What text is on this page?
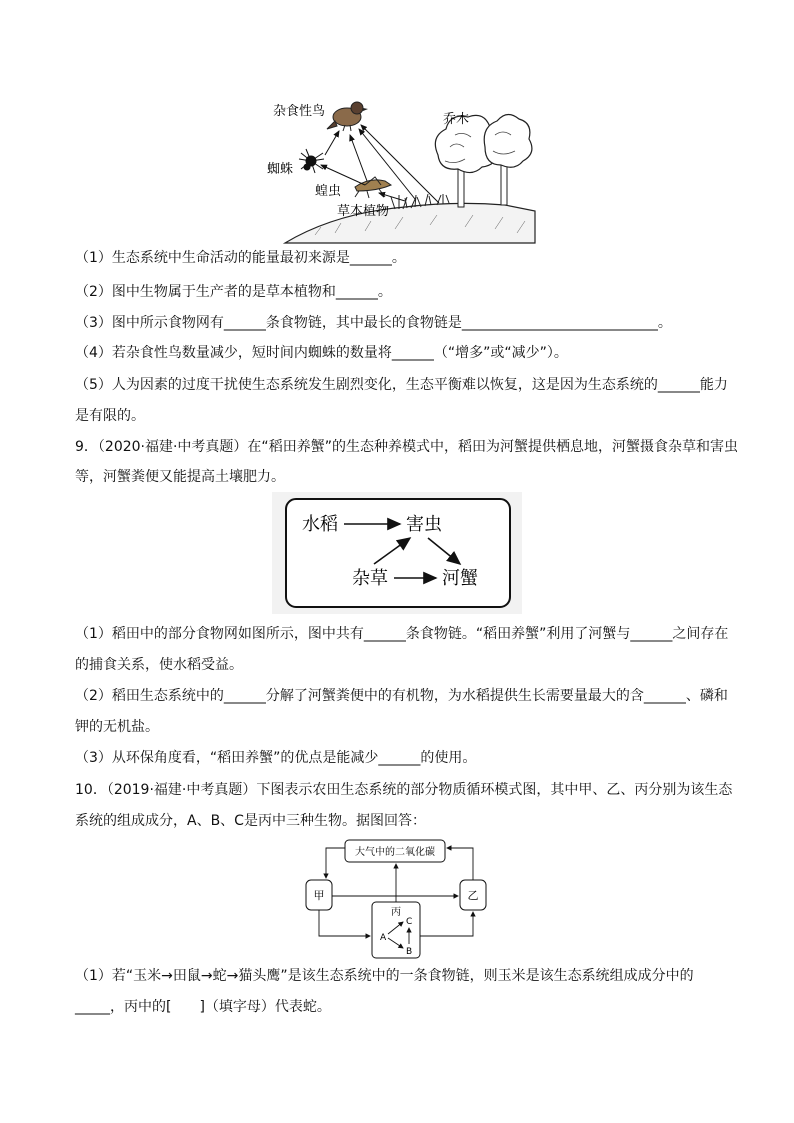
杂食性鸟
乔木
蜘蛛
蝗虫
草本植物
（1）生态系统中生命活动的能量最初来源是______。
（2）图中生物属于生产者的是草本植物和______。
（3）图中所示食物网有______条食物链，其中最长的食物链是____________________________。
（4）若杂食性鸟数量减少，短时间内蜘蛛的数量将______（“增多”或“减少”）。
（5）人为因素的过度干扰使生态系统发生剧烈变化，生态平衡难以恢复，这是因为生态系统的______能力
是有限的。
9．（2020·福建·中考真题）在“稻田养蟹”的生态种养模式中，稻田为河蟹提供栖息地，河蟹摄食杂草和害虫
等，河蟹粪便又能提高土壤肥力。
水稻	害虫
杂草	河蟹
（1）稻田中的部分食物网如图所示，图中共有______条食物链。“稻田养蟹”利用了河蟹与______之间存在
的捕食关系，使水稻受益。
（2）稻田生态系统中的______分解了河蟹粪便中的有机物，为水稻提供生长需要量最大的含______、磷和
钾的无机盐。
（3）从环保角度看，“稻田养蟹”的优点是能减少______的使用。
10．（2019·福建·中考真题）下图表示农田生态系统的部分物质循环模式图，其中甲、乙、丙分别为该生态
系统的组成成分，A、B、C是丙中三种生物。据图回答：
大气中的二氧化碳
甲	乙
丙
A
B
C
（1）若“玉米→田鼠→蛇→猫头鹰”是该生态系统中的一条食物链，则玉米是该生态系统组成成分中的
_____，丙中的[　　]（填字母）代表蛇。
